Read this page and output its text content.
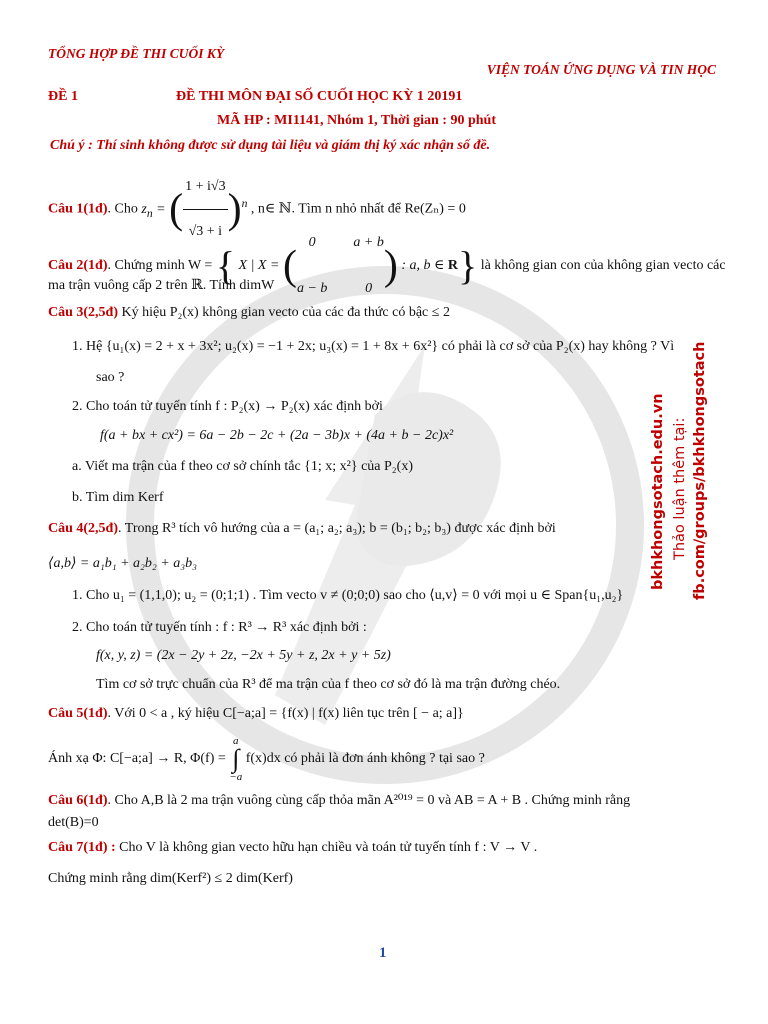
TỔNG HỢP ĐỀ THI CUỐI KỲ
VIỆN TOÁN ỨNG DỤNG VÀ TIN HỌC
ĐỀ 1	ĐỀ THI MÔN ĐẠI SỐ CUỐI HỌC KỲ 1 20191
MÃ HP : MI1141, Nhóm 1, Thời gian : 90 phút
Chú ý : Thí sinh không được sử dụng tài liệu và giám thị ký xác nhận số đề.
Câu 1(1đ). Cho $z_n$ = ( $\frac{1 + i√3}{√3 + i} )^n$ , n∈ ℕ. Tìm n nhỏ nhất để Re(Zₙ) = 0
Câu 2(1đ). Chứng minh W = { X | X = (
0	a + b
a − b	0 ) : a, b ∈ R} là không gian con của không gian vecto các
ma trận vuông cấp 2 trên ℝ. Tính dimW
Câu 3(2,5đ) Ký hiệu P₂(x) không gian vecto của các đa thức có bậc ≤ 2
1. Hệ {u₁(x) = 2 + x + 3x²; u₂(x) = −1 + 2x; u₃(x) = 1 + 8x + 6x²} có phải là cơ sở của P₂(x) hay không ? Vì
sao ?
2. Cho toán tử tuyến tính f : P₂(x) → P₂(x) xác định bởi
f(a + bx + cx²) = 6a − 2b − 2c + (2a − 3b)x + (4a + b − 2c)x²
a. Viết ma trận của f theo cơ sở chính tắc {1; x; x²} của P₂(x)
b. Tìm dim Kerf
Câu 4(2,5đ). Trong R³ tích vô hướng của a = (a₁; a₂; a₃); b = (b₁; b₂; b₃) được xác định bởi
⟨a,b⟩ = a₁b₁ + a₂b₂ + a₃b₃
1. Cho u₁ = (1,1,0); u₂ = (0;1;1) . Tìm vecto v ≠ (0;0;0) sao cho ⟨u,v⟩ = 0 với mọi u ∈ Span{u₁,u₂}
2. Cho toán tử tuyến tính : f : R³ → R³ xác định bởi :
f(x, y, z) = (2x − 2y + 2z, −2x + 5y + z, 2x + y + 5z)
Tìm cơ sở trực chuẩn của R³ để ma trận của f theo cơ sở đó là ma trận đường chéo.
Câu 5(1đ). Với 0 < a , ký hiệu C[−a;a] = {f(x) | f(x) liên tục trên [ − a; a]}
Ánh xạ Φ: C[−a;a] → R, Φ(f) =
a
∫
−a
f(x)dx có phải là đơn ánh không ? tại sao ?
Câu 6(1đ). Cho A,B là 2 ma trận vuông cùng cấp thỏa mãn A²⁰¹⁹ = 0 và AB = A + B . Chứng minh rằng
det(B)=0
Câu 7(1đ) : Cho V là không gian vecto hữu hạn chiều và toán tử tuyến tính f : V → V .
Chứng minh rằng dim(Kerf²) ≤ 2 dim(Kerf)
bkhkhongsotach.edu.vn Thảo luận thêm tại: fb.com/groups/bkhkhongsotach
1
